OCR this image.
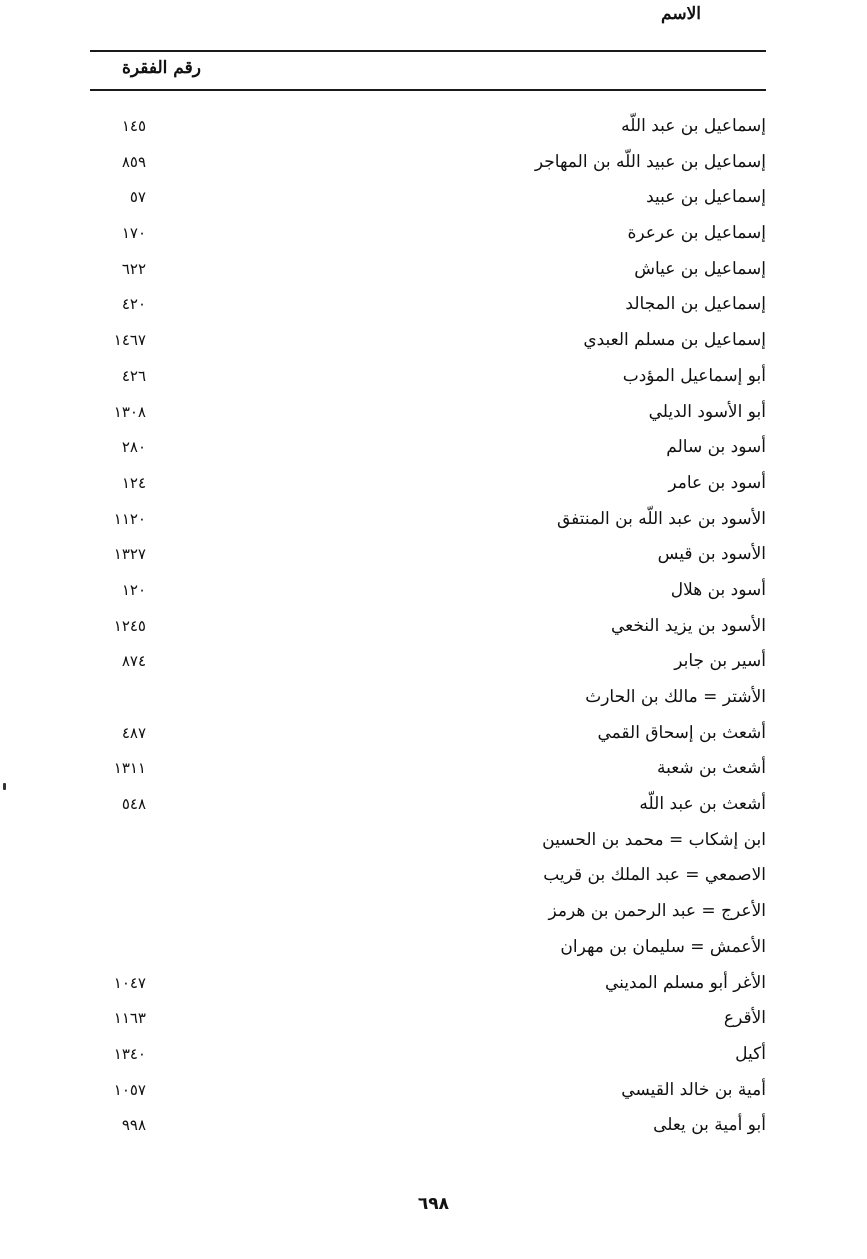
الاسم
رقم الفقرة
. . .
إسماعيل بن عبد اللّه
١٤٥
. . .
إسماعيل بن عبيد اللّه بن المهاجر
٨٥٩
. . .
إسماعيل بن عبيد
٥٧
. . .
إسماعيل بن عرعرة
١٧٠
. . .
إسماعيل بن عياش
٦٢٢
. . .
إسماعيل بن المجالد
٤٢٠
. . .
إسماعيل بن مسلم العبدي
١٤٦٧
. . .
أبو إسماعيل المؤدب
٤٢٦
. . .
أبو الأسود الديلي
١٣٠٨
. . .
أسود بن سالم
٢٨٠
. . .
أسود بن عامر
١٢٤
. . .
الأسود بن عبد اللّه بن المنتفق
١١٢٠
. . .
الأسود بن قيس
١٣٢٧
. . .
أسود بن هلال
١٢٠
. . .
الأسود بن يزيد النخعي
١٢٤٥
. . .
أسير بن جابر
٨٧٤
. . .
الأشتر = مالك بن الحارث
. . .
أشعث بن إسحاق القمي
٤٨٧
. . .
أشعث بن شعبة
١٣١١
. . .
أشعث بن عبد اللّه
٥٤٨
. . .
ابن إشكاب = محمد بن الحسين
. . .
الاصمعي = عبد الملك بن قريب
. . .
الأعرج = عبد الرحمن بن هرمز
. . .
الأعمش = سليمان بن مهران
. . .
الأغر أبو مسلم المديني
١٠٤٧
. . .
الأقرع
١١٦٣
. . .
أكيل
١٣٤٠
. . .
أمية بن خالد القيسي
١٠٥٧
. . .
أبو أمية بن يعلى
٩٩٨
٦٩٨
